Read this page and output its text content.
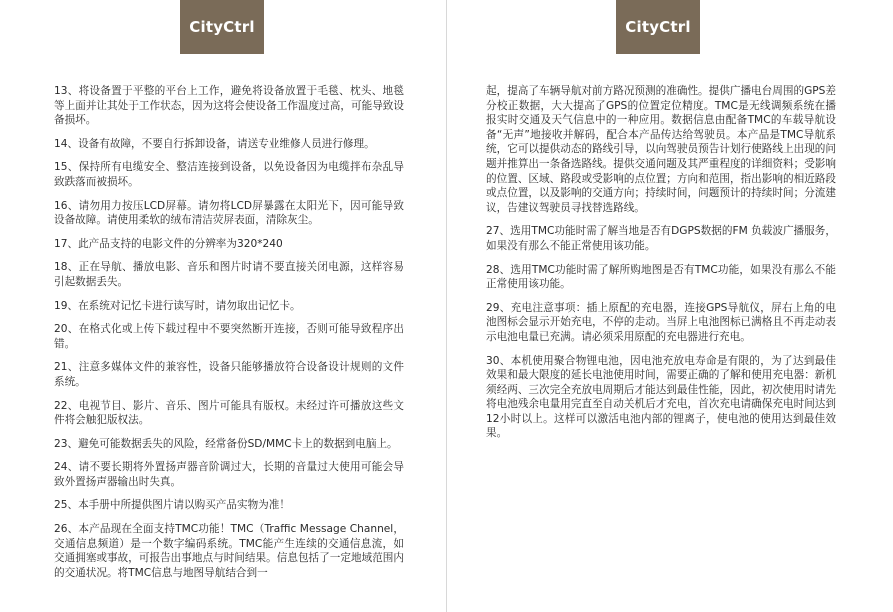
CityCtrl	CityCtrl

13、将设备置于平整的平台上工作，避免将设备放置于毛毯、枕头、地毯等上面并让其处于工作状态，因为这将会使设备工作温度过高，可能导致设备损坏。

14、设备有故障，不要自行拆卸设备，请送专业维修人员进行修理。

15、保持所有电缆安全、整洁连接到设备，以免设备因为电缆拌布杂乱导致跌落而被损坏。

16、请勿用力按压LCD屏幕。请勿将LCD屏暴露在太阳光下，因可能导致设备故障。请使用柔软的绒布清洁荧屏表面，清除灰尘。

17、此产品支持的电影文件的分辨率为320*240

18、正在导航、播放电影、音乐和图片时请不要直接关闭电源，这样容易引起数据丢失。

19、在系统对记忆卡进行读写时，请勿取出记忆卡。

20、在格式化或上传下载过程中不要突然断开连接，否则可能导致程序出错。

21、注意多媒体文件的兼容性，设备只能够播放符合设备设计规则的文件系统。

22、电视节目、影片、音乐、图片可能具有版权。未经过许可播放这些文件将会触犯版权法。

23、避免可能数据丢失的风险，经常备份SD/MMC卡上的数据到电脑上。

24、请不要长期将外置扬声器音阶调过大，长期的音量过大使用可能会导致外置扬声器输出时失真。

25、本手册中所提供图片请以购买产品实物为准！

26、本产品现在全面支持TMC功能！TMC（Traffic Message Channel，交通信息频道）是一个数字编码系统。TMC能产生连续的交通信息流，如交通拥塞或事故，可报告出事地点与时间结果。信息包括了一定地域范围内的交通状况。将TMC信息与地图导航结合到一

起，提高了车辆导航对前方路况预测的准确性。提供广播电台周围的GPS差分校正数据，大大提高了GPS的位置定位精度。TMC是无线调频系统在播报实时交通及天气信息中的一种应用。数据信息由配备TMC的车载导航设备“无声”地接收并解码，配合本产品传达给驾驶员。本产品是TMC导航系统，它可以提供动态的路线引导，以向驾驶员预告计划行使路线上出现的问题并推算出一条备选路线。提供交通问题及其严重程度的详细资料；受影响的位置、区域、路段或受影响的点位置；方向和范围，指出影响的相近路段或点位置，以及影响的交通方向；持续时间，问题预计的持续时间；分流建议，告建议驾驶员寻找替选路线。

27、选用TMC功能时需了解当地是否有DGPS数据的FM 负载波广播服务，如果没有那么不能正常使用该功能。

28、选用TMC功能时需了解所购地图是否有TMC功能，如果没有那么不能正常使用该功能。

29、充电注意事项：插上原配的充电器，连接GPS导航仪，屏右上角的电池图标会显示开始充电，不停的走动。当屏上电池图标已满格且不再走动表示电池电量已充满。请必须采用原配的充电器进行充电。

30、本机使用聚合物锂电池，因电池充放电寿命是有限的，为了达到最佳效果和最大限度的延长电池使用时间，需要正确的了解和使用充电器：新机须经两、三次完全充放电周期后才能达到最佳性能，因此，初次使用时请先将电池残余电量用完直至自动关机后才充电，首次充电请确保充电时间达到12小时以上。这样可以激活电池内部的锂离子，使电池的使用达到最佳效果。
